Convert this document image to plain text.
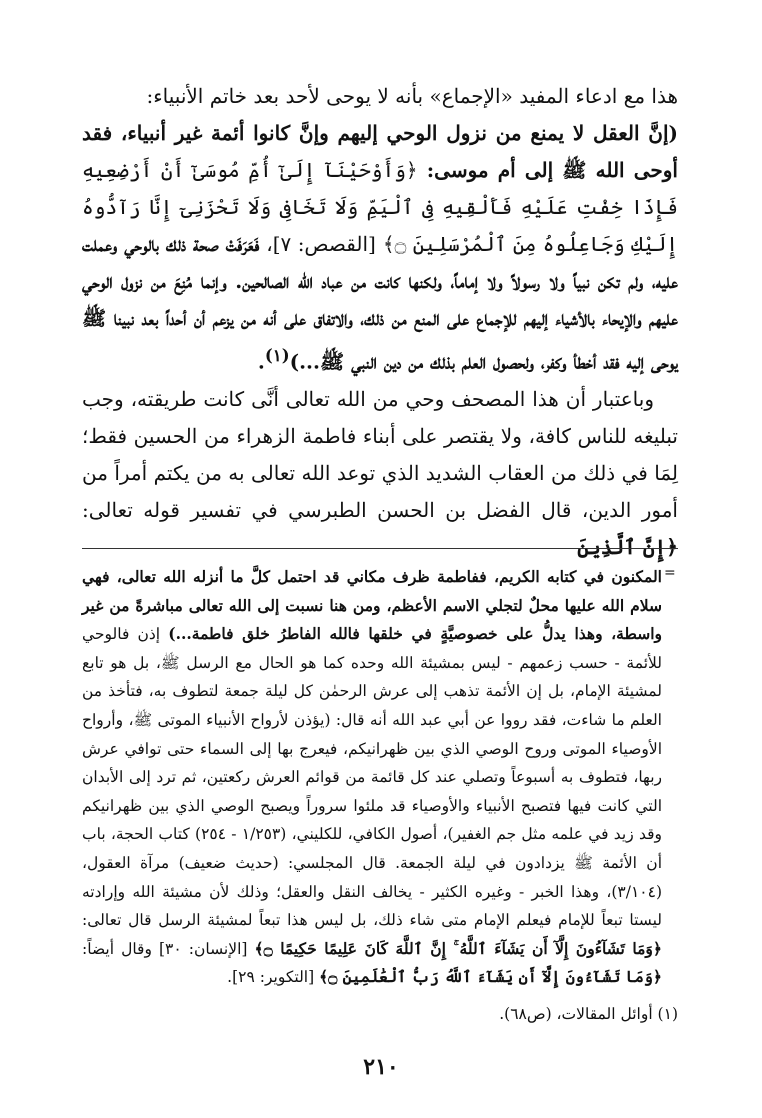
هذا مع ادعاء المفيد «الإجماع» بأنه لا يوحى لأحد بعد خاتم الأنبياء:

(إنَّ العقل لا يمنع من نزول الوحي إليهم وإنَّ كانوا أئمة غير أنبياء، فقد أوحى الله ﷺ إلى أم موسى: ﴿وَأَوْحَيْنَآ إِلَىٰٓ أُمِّ مُوسَىٰٓ أَنْ أَرْضِعِيهِ فَإِذَا خِفْتِ عَلَيْهِ فَأَلْقِيهِ فِى ٱلْيَمِّ وَلَا تَخَافِى وَلَا تَحْزَنِىٓ إِنَّا رَآدُّوهُ إِلَيْكِ وَجَاعِلُوهُ مِنَ ٱلْمُرْسَلِينَ ۝﴾ [القصص: ٧]، فَعَرَفَتْ صحة ذلك بالوحي وعملت عليه، ولم تكن نبياً ولا رسولاً ولا إماماً، ولكنها كانت من عباد الله الصالحين. وإنما مُنِعَ من نزول الوحي عليهم والإيحاء بالأشياء إليهم للإجماع على المنع من ذلك، والاتفاق على أنه من يزعم أن أحداً بعد نبينا ﷺ يوحى إليه فقد أخطأ وكفر، ولحصول العلم بذلك من دين النبي ﷺ...)$^{(١)}$.

وباعتبار أن هذا المصحف وحي من الله تعالى أنَّى كانت طريقته، وجب تبليغه للناس كافة، ولا يقتصر على أبناء فاطمة الزهراء من الحسين فقط؛ لِمَا في ذلك من العقاب الشديد الذي توعد الله تعالى به من يكتم أمراً من أمور الدين، قال الفضل بن الحسن الطبرسي في تفسير قوله تعالى: ﴿إِنَّ ٱلَّذِينَ

=

المكنون في كتابه الكريم، ففاطمة ظرف مكاني قد احتمل كلَّ ما أنزله الله تعالى، فهي سلام الله عليها محلٌ لتجلي الاسم الأعظم، ومن هنا نسبت إلى الله تعالى مباشرةً من غير واسطة، وهذا يدلُّ على خصوصيَّةٍ في خلقها فالله الفاطرُ خلق فاطمة...) إذن فالوحي للأئمة - حسب زعمهم - ليس بمشيئة الله وحده كما هو الحال مع الرسل ﷺ، بل هو تابع لمشيئة الإمام، بل إن الأئمة تذهب إلى عرش الرحمٰن كل ليلة جمعة لتطوف به، فتأخذ من العلم ما شاءت، فقد رووا عن أبي عبد الله أنه قال: (يؤذن لأرواح الأنبياء الموتى ﷺ، وأرواح الأوصياء الموتى وروح الوصي الذي بين ظهرانيكم، فيعرج بها إلى السماء حتى توافي عرش ربها، فتطوف به أسبوعاً وتصلي عند كل قائمة من قوائم العرش ركعتين، ثم ترد إلى الأبدان التي كانت فيها فتصبح الأنبياء والأوصياء قد ملئوا سروراً ويصبح الوصي الذي بين ظهرانيكم وقد زيد في علمه مثل جم الغفير)، أصول الكافي، للكليني، (١/٢٥٣ - ٢٥٤) كتاب الحجة، باب أن الأئمة ﷺ يزدادون في ليلة الجمعة. قال المجلسي: (حديث ضعيف) مرآة العقول، (٣/١٠٤)، وهذا الخبر - وغيره الكثير - يخالف النقل والعقل؛ وذلك لأن مشيئة الله وإرادته ليستا تبعاً للإمام فيعلم الإمام متى شاء ذلك، بل ليس هذا تبعاً لمشيئة الرسل قال تعالى: ﴿وَمَا تَشَآءُونَ إِلَّآ أَن يَشَآءَ ٱللَّهُ ۚ إِنَّ ٱللَّهَ كَانَ عَلِيمًا حَكِيمًا ۝﴾ [الإنسان: ٣٠] وقال أيضاً: ﴿وَمَا تَشَآءُونَ إِلَّآ أَن يَشَآءَ ٱللَّهُ رَبُّ ٱلْعَٰلَمِينَ ۝﴾ [التكوير: ٢٩].

(١) أوائل المقالات، (ص٦٨).
٢١٠
